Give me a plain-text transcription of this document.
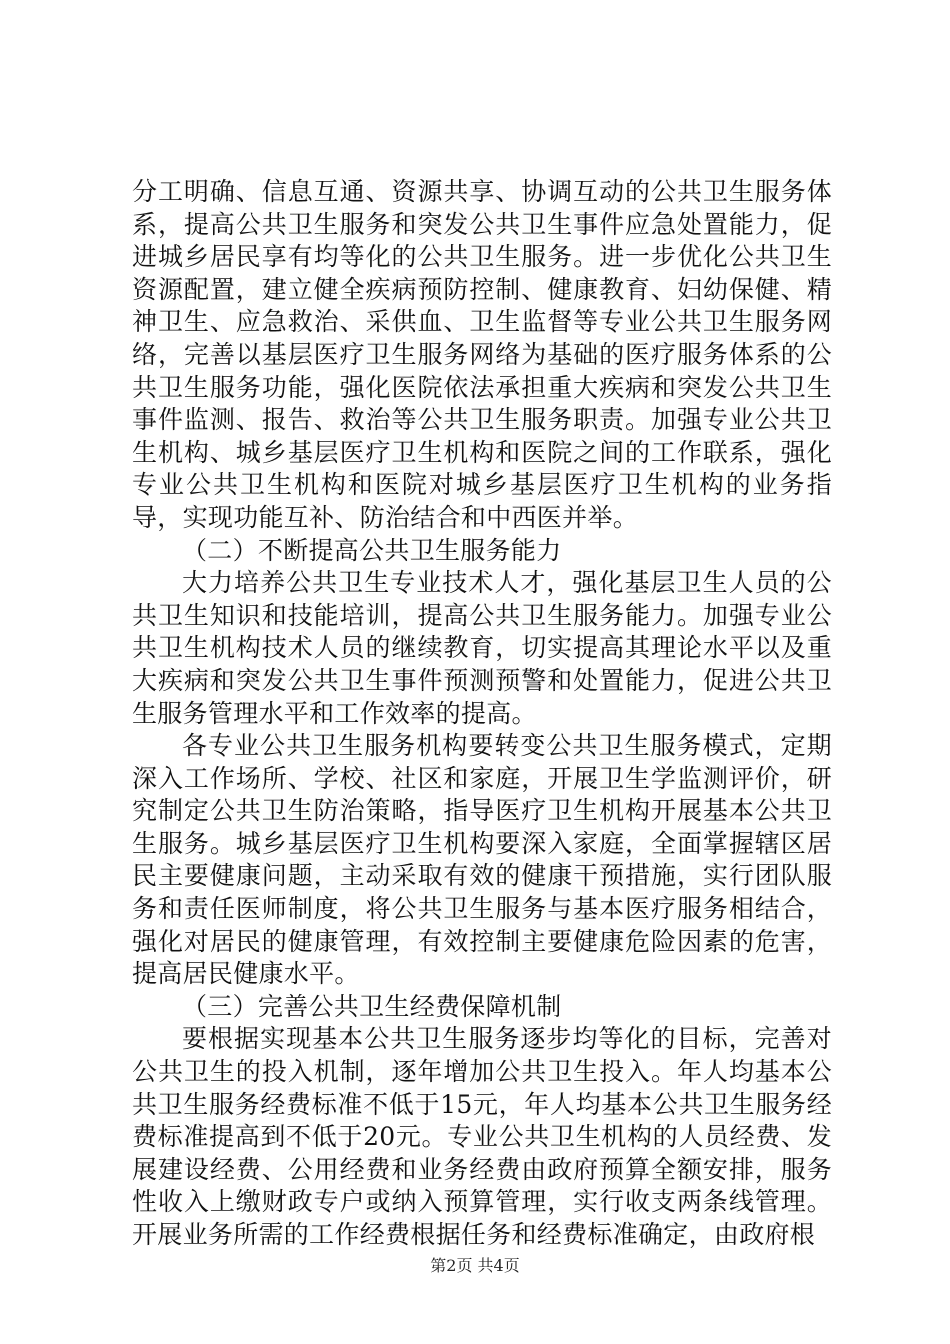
分工明确、信息互通、资源共享、协调互动的公共卫生服务体系，提高公共卫生服务和突发公共卫生事件应急处置能力，促进城乡居民享有均等化的公共卫生服务。进一步优化公共卫生资源配置，建立健全疾病预防控制、健康教育、妇幼保健、精神卫生、应急救治、采供血、卫生监督等专业公共卫生服务网络，完善以基层医疗卫生服务网络为基础的医疗服务体系的公共卫生服务功能，强化医院依法承担重大疾病和突发公共卫生事件监测、报告、救治等公共卫生服务职责。加强专业公共卫生机构、城乡基层医疗卫生机构和医院之间的工作联系，强化专业公共卫生机构和医院对城乡基层医疗卫生机构的业务指导，实现功能互补、防治结合和中西医并举。

（二）不断提高公共卫生服务能力

大力培养公共卫生专业技术人才，强化基层卫生人员的公共卫生知识和技能培训，提高公共卫生服务能力。加强专业公共卫生机构技术人员的继续教育，切实提高其理论水平以及重大疾病和突发公共卫生事件预测预警和处置能力，促进公共卫生服务管理水平和工作效率的提高。

各专业公共卫生服务机构要转变公共卫生服务模式，定期深入工作场所、学校、社区和家庭，开展卫生学监测评价，研究制定公共卫生防治策略，指导医疗卫生机构开展基本公共卫生服务。城乡基层医疗卫生机构要深入家庭，全面掌握辖区居民主要健康问题，主动采取有效的健康干预措施，实行团队服务和责任医师制度，将公共卫生服务与基本医疗服务相结合，强化对居民的健康管理，有效控制主要健康危险因素的危害，提高居民健康水平。

（三）完善公共卫生经费保障机制

要根据实现基本公共卫生服务逐步均等化的目标，完善对公共卫生的投入机制，逐年增加公共卫生投入。年人均基本公共卫生服务经费标准不低于15元，年人均基本公共卫生服务经费标准提高到不低于20元。专业公共卫生机构的人员经费、发展建设经费、公用经费和业务经费由政府预算全额安排，服务性收入上缴财政专户或纳入预算管理，实行收支两条线管理。开展业务所需的工作经费根据任务和经费标准确定，由政府根

第2页 共4页
